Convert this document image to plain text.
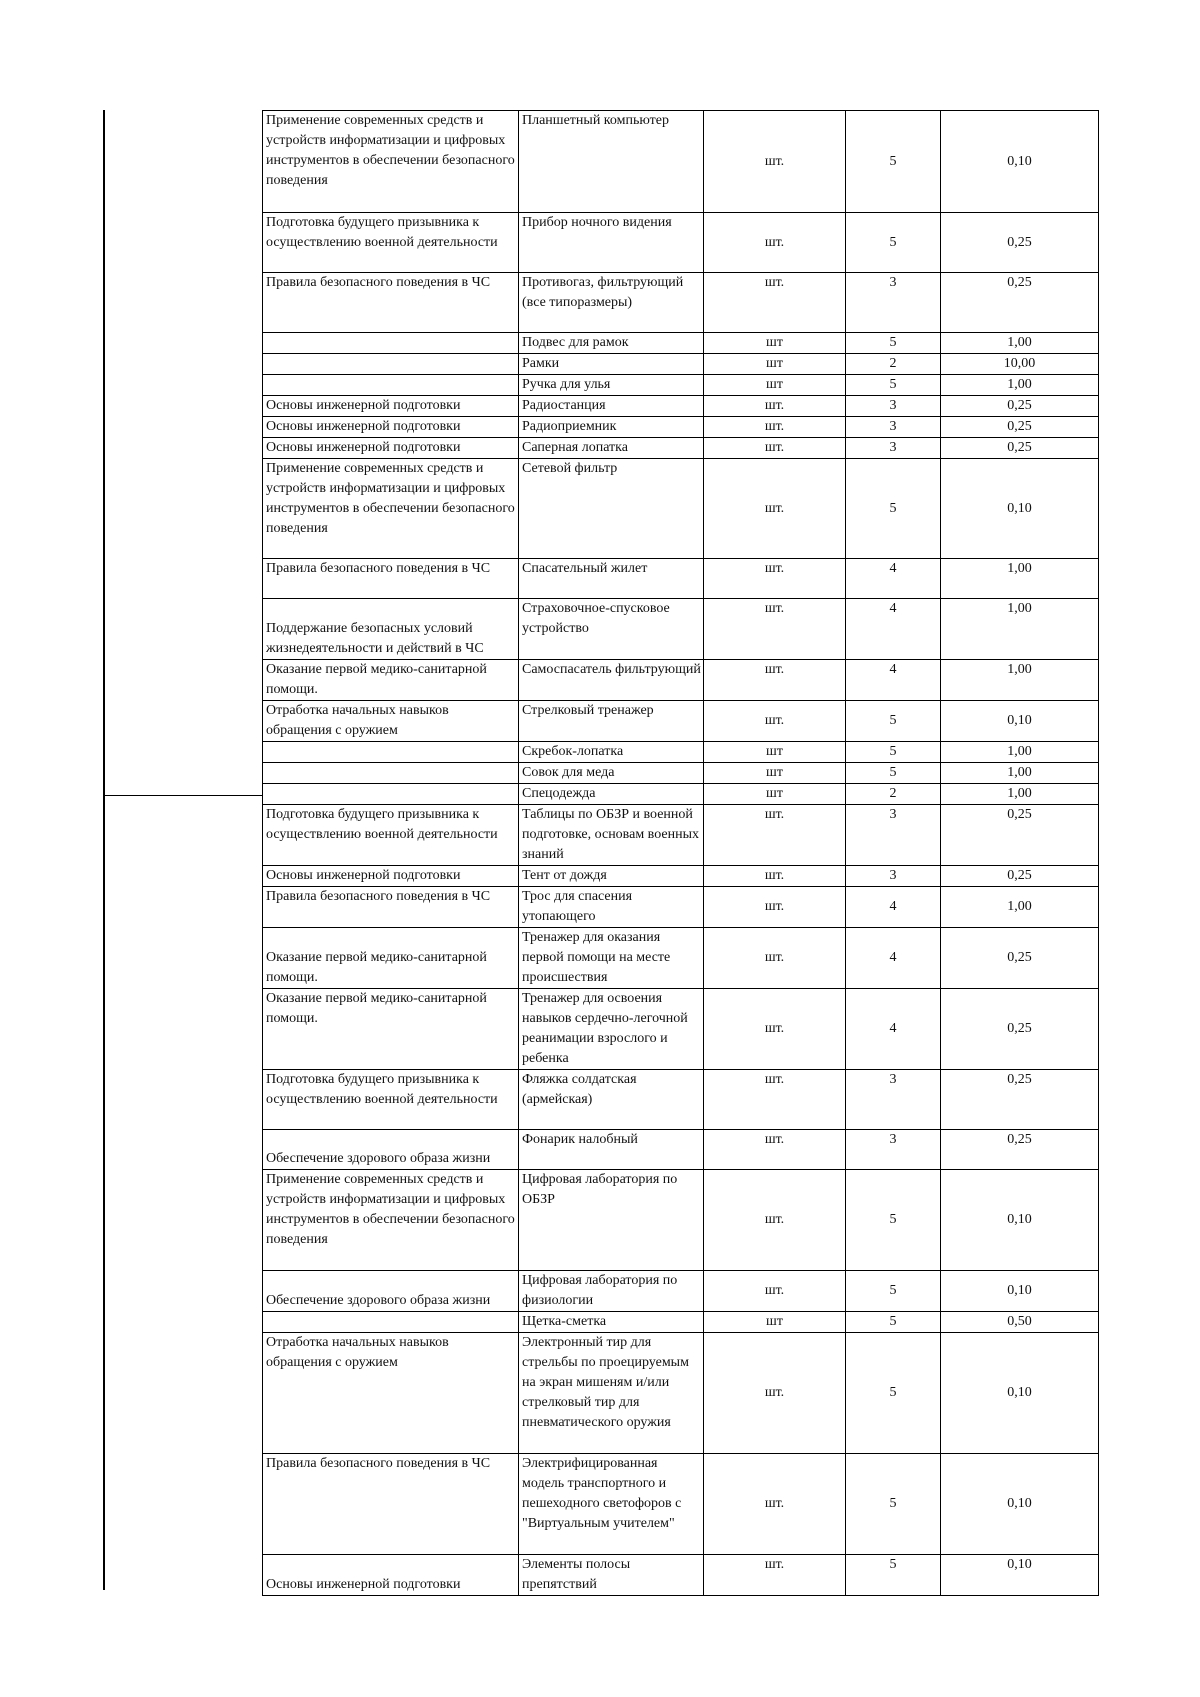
Применение современных средств и устройств информатизации и цифровых инструментов в обеспечении безопасного поведения	Планшетный компьютер	шт.	5	0,10
Подготовка будущего призывника к осуществлению военной деятельности	Прибор ночного видения	шт.	5	0,25
Правила безопасного поведения в ЧС	Противогаз, фильтрующий (все типоразмеры)	шт.	3	0,25
	Подвес для рамок	шт	5	1,00
	Рамки	шт	2	10,00
	Ручка для улья	шт	5	1,00
Основы инженерной подготовки	Радиостанция	шт.	3	0,25
Основы инженерной подготовки	Радиоприемник	шт.	3	0,25
Основы инженерной подготовки	Саперная лопатка	шт.	3	0,25
Применение современных средств и устройств информатизации и цифровых инструментов в обеспечении безопасного поведения	Сетевой фильтр	шт.	5	0,10
Правила безопасного поведения в ЧС	Спасательный жилет	шт.	4	1,00
Поддержание безопасных условий жизнедеятельности и действий в ЧС	Страховочное-спусковое устройство	шт.	4	1,00
Оказание первой медико-санитарной помощи.	Самоспасатель фильтрующий	шт.	4	1,00
Отработка начальных навыков обращения с оружием	Стрелковый тренажер	шт.	5	0,10
	Скребок-лопатка	шт	5	1,00
	Совок для меда	шт	5	1,00
	Спецодежда	шт	2	1,00
Подготовка будущего призывника к осуществлению военной деятельности	Таблицы по ОБЗР и военной подготовке, основам военных знаний	шт.	3	0,25
Основы инженерной подготовки	Тент от дождя	шт.	3	0,25
Правила безопасного поведения в ЧС	Трос для спасения утопающего	шт.	4	1,00
Оказание первой медико-санитарной помощи.	Тренажер для оказания первой помощи на месте происшествия	шт.	4	0,25
Оказание первой медико-санитарной помощи.	Тренажер для освоения навыков сердечно-легочной реанимации взрослого и ребенка	шт.	4	0,25
Подготовка будущего призывника к осуществлению военной деятельности	Фляжка солдатская (армейская)	шт.	3	0,25
Обеспечение здорового образа жизни	Фонарик налобный	шт.	3	0,25
Применение современных средств и устройств информатизации и цифровых инструментов в обеспечении безопасного поведения	Цифровая лаборатория по ОБЗР	шт.	5	0,10
Обеспечение здорового образа жизни	Цифровая лаборатория по физиологии	шт.	5	0,10
	Щетка-сметка	шт	5	0,50
Отработка начальных навыков обращения с оружием	Электронный тир для стрельбы по проецируемым на экран мишеням и/или стрелковый тир для пневматического оружия	шт.	5	0,10
Правила безопасного поведения в ЧС	Электрифицированная модель транспортного и пешеходного светофоров с "Виртуальным учителем"	шт.	5	0,10
Основы инженерной подготовки	Элементы полосы препятствий	шт.	5	0,10
